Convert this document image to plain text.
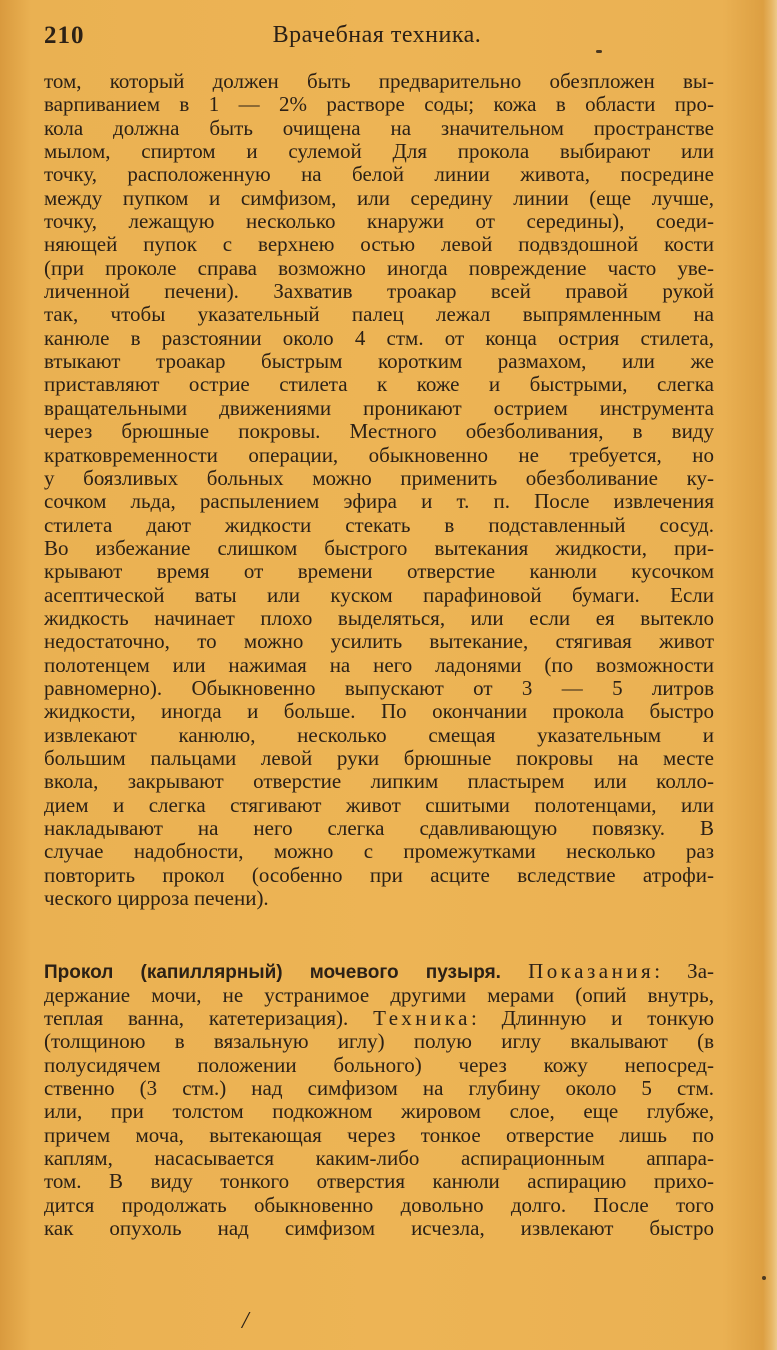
210	Врачебная техника.
том, который должен быть предварительно обезпложен вы-
варпиванием в 1 — 2% растворе соды; кожа в области про-
кола должна быть очищена на значительном пространстве
мылом, спиртом и сулемой Для прокола выбирают или
точку, расположенную на белой линии живота, посредине
между пупком и симфизом, или середину линии (еще лучше,
точку, лежащую несколько кнаружи от середины), соеди-
няющей пупок с верхнею остью левой подвздошной кости
(при проколе справа возможно иногда повреждение часто уве-
личенной печени). Захватив троакар всей правой рукой
так, чтобы указательный палец лежал выпрямленным на
канюле в разстоянии около 4 стм. от конца острия стилета,
втыкают троакар быстрым коротким размахом, или же
приставляют острие стилета к коже и быстрыми, слегка
вращательными движениями проникают острием инструмента
через брюшные покровы. Местного обезболивания, в виду
кратковременности операции, обыкновенно не требуется, но
у боязливых больных можно применить обезболивание ку-
сочком льда, распылением эфира и т. п. После извлечения
стилета дают жидкости стекать в подставленный сосуд.
Во избежание слишком быстрого вытекания жидкости, при-
крывают время от времени отверстие канюли кусочком
асептической ваты или куском парафиновой бумаги. Если
жидкость начинает плохо выделяться, или если ея вытекло
недостаточно, то можно усилить вытекание, стягивая живот
полотенцем или нажимая на него ладонями (по возможности
равномерно). Обыкновенно выпускают от 3 — 5 литров
жидкости, иногда и больше. По окончании прокола быстро
извлекают канюлю, несколько смещая указательным и
большим пальцами левой руки брюшные покровы на месте
вкола, закрывают отверстие липким пластырем или колло-
дием и слегка стягивают живот сшитыми полотенцами, или
накладывают на него слегка сдавливающую повязку. В
случае надобности, можно с промежутками несколько раз
повторить прокол (особенно при асците вследствие атрофи-
ческого цирроза печени).
Прокол (капиллярный) мочевого пузыря. Показания: За-
держание мочи, не устранимое другими мерами (опий внутрь,
теплая ванна, катетеризация). Техника: Длинную и тонкую
(толщиною в вязальную иглу) полую иглу вкалывают (в
полусидячем положении больного) через кожу непосред-
ственно (3 стм.) над симфизом на глубину около 5 стм.
или, при толстом подкожном жировом слое, еще глубже,
причем моча, вытекающая через тонкое отверстие лишь по
каплям, насасывается каким-либо аспирационным аппара-
том. В виду тонкого отверстия канюли аспирацию прихо-
дится продолжать обыкновенно довольно долго. После того
как опухоль над симфизом исчезла, извлекают быстро
/
